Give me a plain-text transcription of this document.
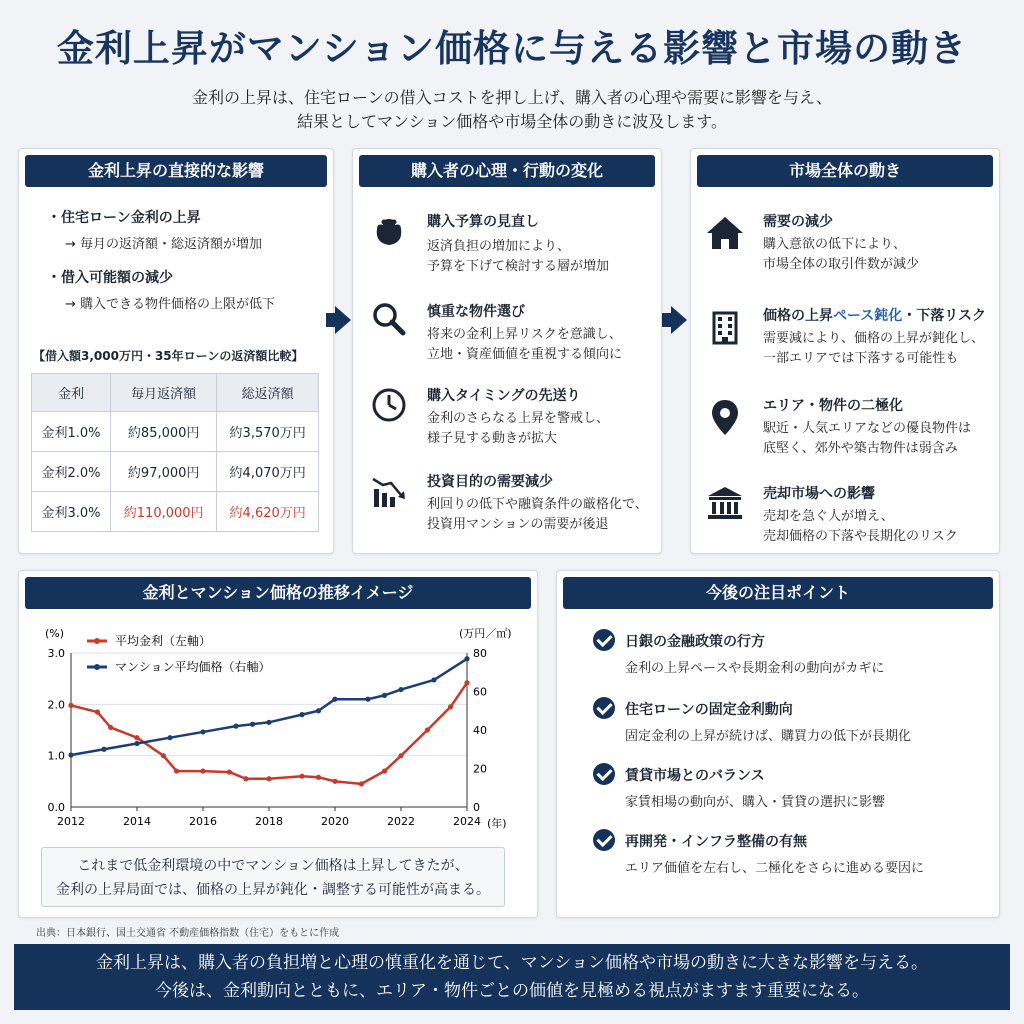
金利上昇がマンション価格に与える影響と市場の動き
金利の上昇は、住宅ローンの借入コストを押し上げ、購入者の心理や需要に影響を与え、
結果としてマンション価格や市場全体の動きに波及します。
金利上昇の直接的な影響
・住宅ローン金利の上昇
→ 毎月の返済額・総返済額が増加
・借入可能額の減少
→ 購入できる物件価格の上限が低下
【借入額3,000万円・35年ローンの返済額比較】
金利	毎月返済額	総返済額
金利1.0%	約85,000円	約3,570万円
金利2.0%	約97,000円	約4,070万円
金利3.0%	約110,000円	約4,620万円
購入者の心理・行動の変化
購入予算の見直し
返済負担の増加により、
予算を下げて検討する層が増加
慎重な物件選び
将来の金利上昇リスクを意識し、
立地・資産価値を重視する傾向に
購入タイミングの先送り
金利のさらなる上昇を警戒し、
様子見する動きが拡大
投資目的の需要減少
利回りの低下や融資条件の厳格化で、
投資用マンションの需要が後退
市場全体の動き
需要の減少
購入意欲の低下により、
市場全体の取引件数が減少
価格の上昇ペース鈍化・下落リスク
需要減により、価格の上昇が鈍化し、
一部エリアでは下落する可能性も
エリア・物件の二極化
駅近・人気エリアなどの優良物件は
底堅く、郊外や築古物件は弱含み
売却市場への影響
売却を急ぐ人が増え、
売却価格の下落や長期化のリスク
金利とマンション価格の推移イメージ
0.0
1.0
2.0
3.0
0
20
40
60
80
2012	2014	2016	2018	2020	2022	2024
平均金利（左軸）
マンション平均価格（右軸）
(%)	(万円／㎡)
(年)
これまで低金利環境の中でマンション価格は上昇してきたが、
金利の上昇局面では、価格の上昇が鈍化・調整する可能性が高まる。
今後の注目ポイント
日銀の金融政策の行方
金利の上昇ペースや長期金利の動向がカギに
住宅ローンの固定金利動向
固定金利の上昇が続けば、購買力の低下が長期化
賃貸市場とのバランス
家賃相場の動向が、購入・賃貸の選択に影響
再開発・インフラ整備の有無
エリア価値を左右し、二極化をさらに進める要因に
出典：日本銀行、国土交通省 不動産価格指数（住宅）をもとに作成
金利上昇は、購入者の負担増と心理の慎重化を通じて、マンション価格や市場の動きに大きな影響を与える。
今後は、金利動向とともに、エリア・物件ごとの価値を見極める視点がますます重要になる。
